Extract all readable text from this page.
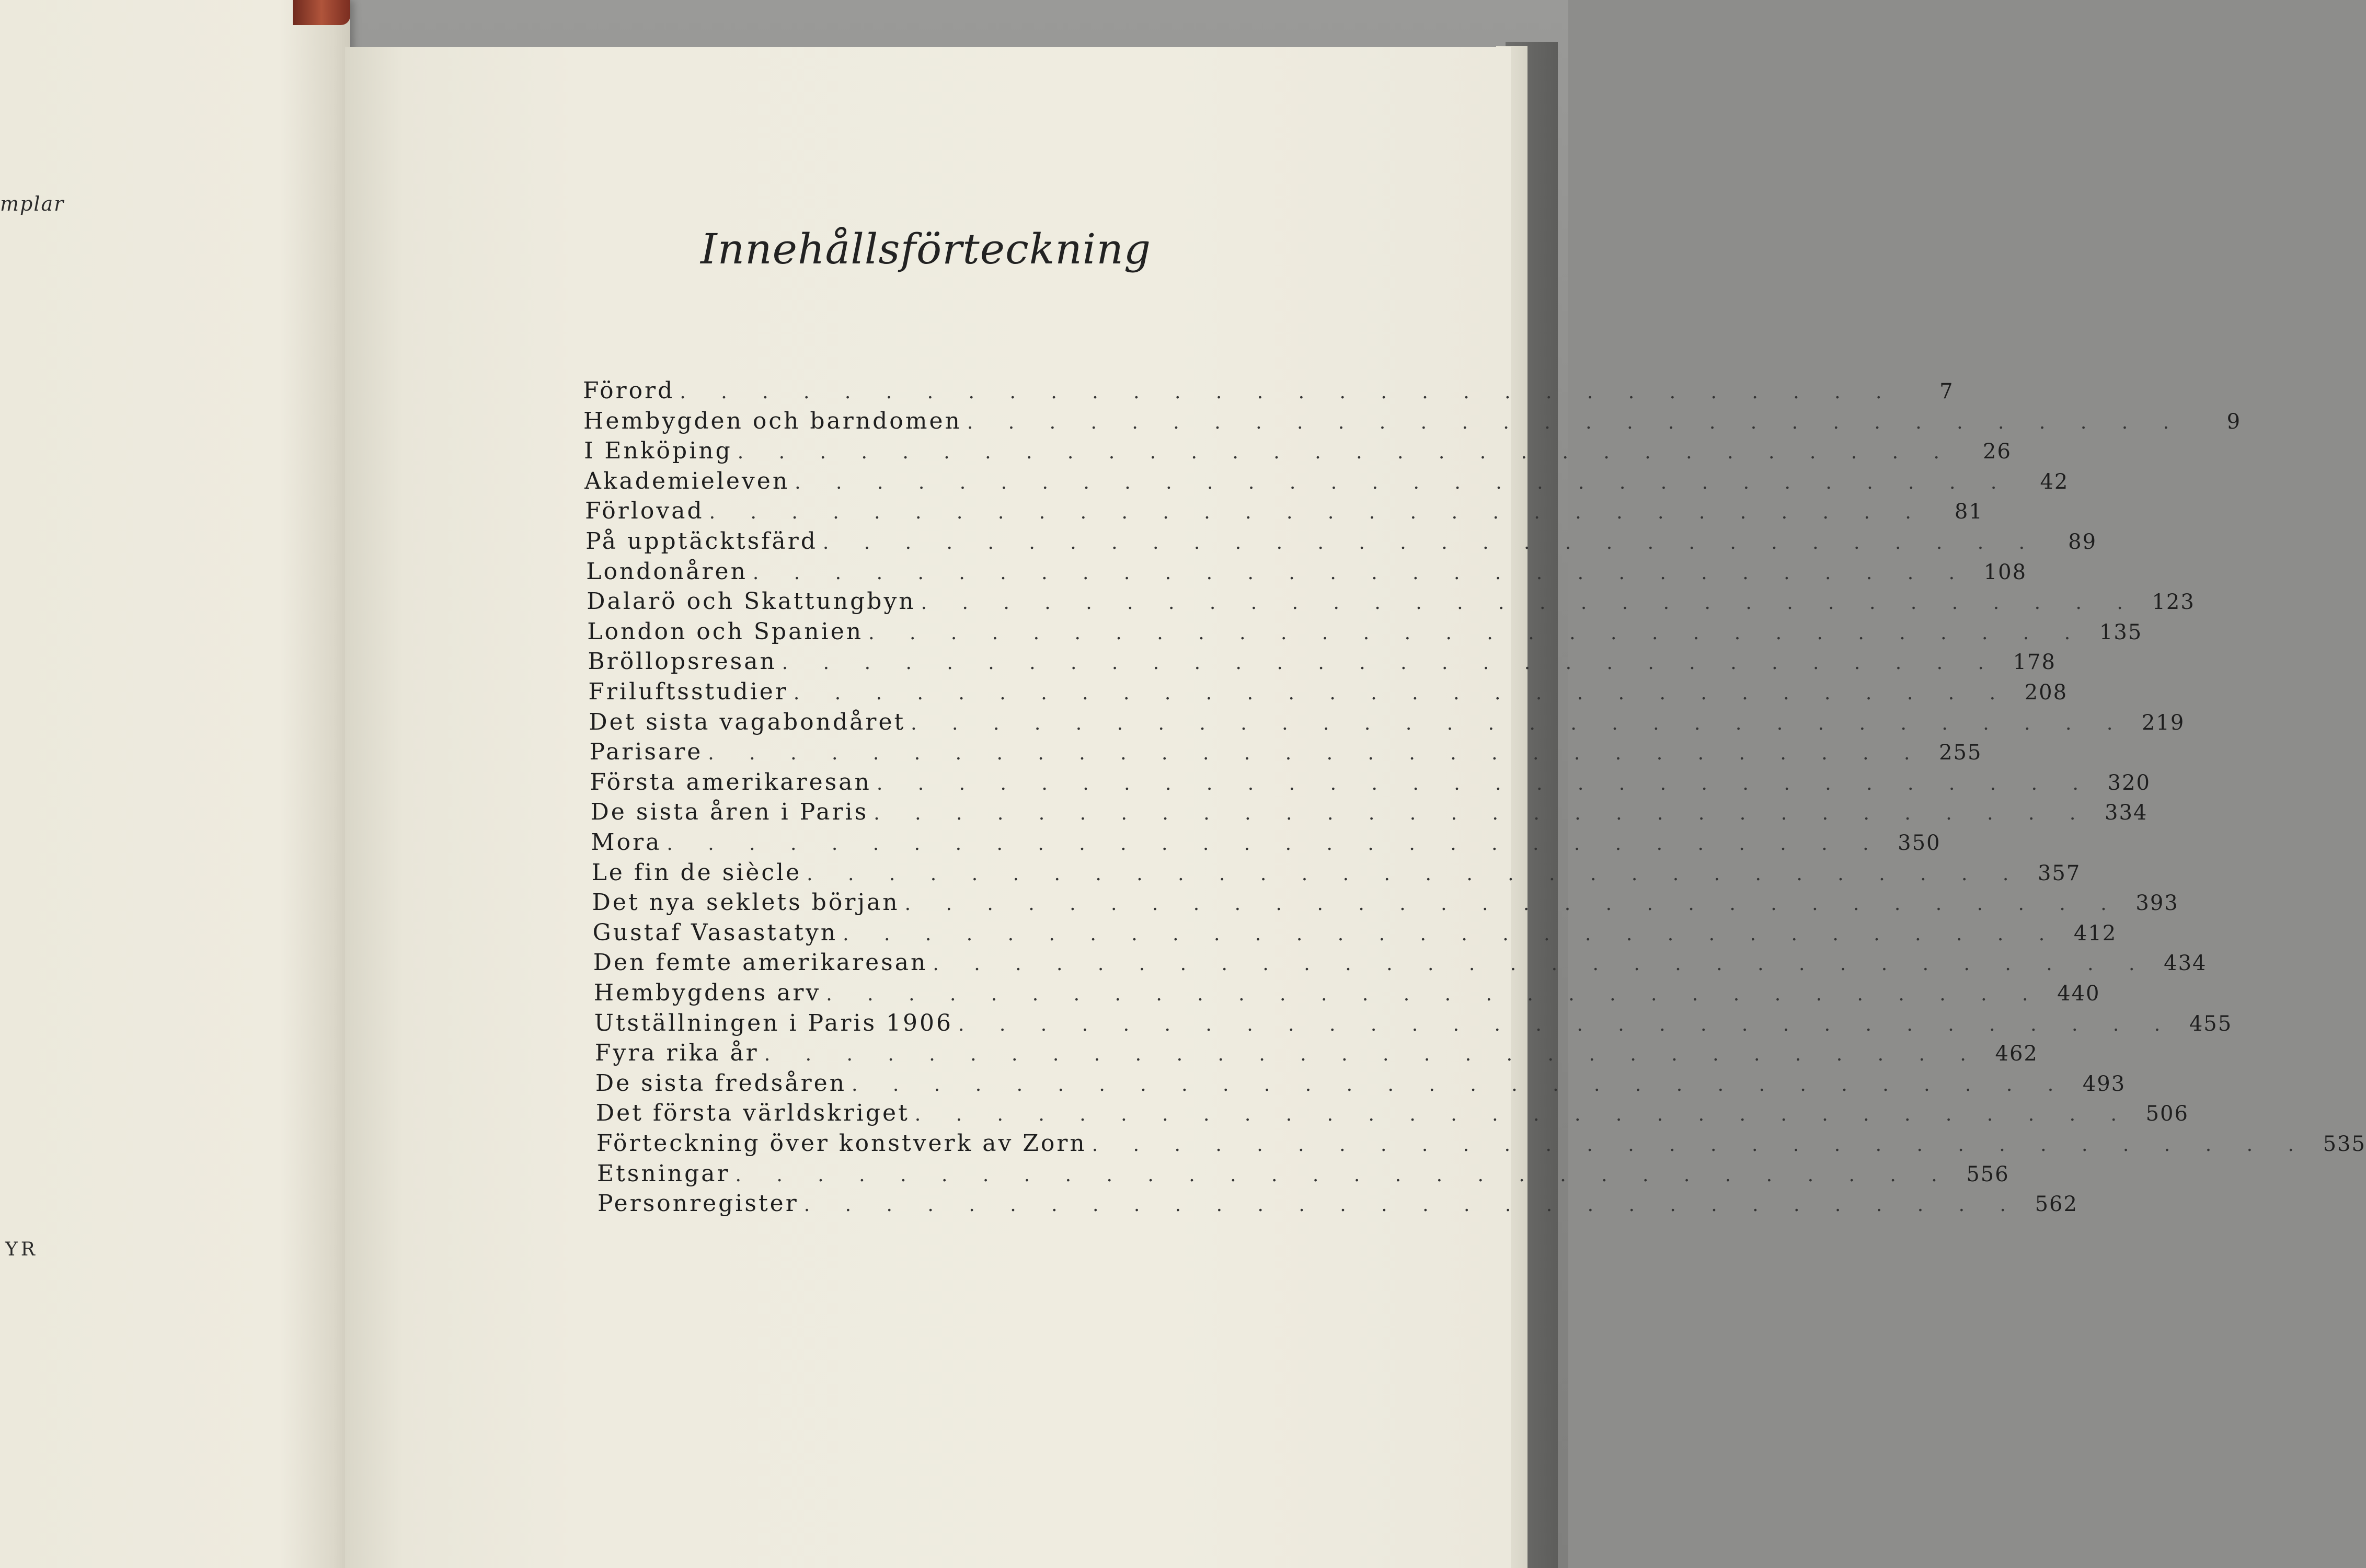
mplar
YR
Innehållsförteckning
Förord . . . . . . . . . . . . . . . . . . . . . . . . . . . . . .	7
Hembygden och barndomen . . . . . . . . . . . . . . . . . . . . . . . . . . . . . .	9
I Enköping . . . . . . . . . . . . . . . . . . . . . . . . . . . . . .	26
Akademieleven . . . . . . . . . . . . . . . . . . . . . . . . . . . . . .	42
Förlovad . . . . . . . . . . . . . . . . . . . . . . . . . . . . . .	81
På upptäcktsfärd . . . . . . . . . . . . . . . . . . . . . . . . . . . . . .	89
Londonåren . . . . . . . . . . . . . . . . . . . . . . . . . . . . . . 108
Dalarö och Skattungbyn . . . . . . . . . . . . . . . . . . . . . . . . . . . . . . 123
London och Spanien . . . . . . . . . . . . . . . . . . . . . . . . . . . . . . 135
Bröllopsresan . . . . . . . . . . . . . . . . . . . . . . . . . . . . . . 178
Friluftsstudier . . . . . . . . . . . . . . . . . . . . . . . . . . . . . . 208
Det sista vagabondåret . . . . . . . . . . . . . . . . . . . . . . . . . . . . . . 219
Parisare . . . . . . . . . . . . . . . . . . . . . . . . . . . . . . 255
Första amerikaresan . . . . . . . . . . . . . . . . . . . . . . . . . . . . . . 320
De sista åren i Paris . . . . . . . . . . . . . . . . . . . . . . . . . . . . . . 334
Mora . . . . . . . . . . . . . . . . . . . . . . . . . . . . . . 350
Le fin de siècle . . . . . . . . . . . . . . . . . . . . . . . . . . . . . . 357
Det nya seklets början . . . . . . . . . . . . . . . . . . . . . . . . . . . . . . 393
Gustaf Vasastatyn . . . . . . . . . . . . . . . . . . . . . . . . . . . . . . 412
Den femte amerikaresan . . . . . . . . . . . . . . . . . . . . . . . . . . . . . . 434
Hembygdens arv . . . . . . . . . . . . . . . . . . . . . . . . . . . . . . 440
Utställningen i Paris 1906 . . . . . . . . . . . . . . . . . . . . . . . . . . . . . . 455
Fyra rika år . . . . . . . . . . . . . . . . . . . . . . . . . . . . . . 462
De sista fredsåren . . . . . . . . . . . . . . . . . . . . . . . . . . . . . . 493
Det första världskriget . . . . . . . . . . . . . . . . . . . . . . . . . . . . . . 506
Förteckning över konstverk av Zorn . . . . . . . . . . . . . . . . . . . . . . . . . . . . . . 535
Etsningar . . . . . . . . . . . . . . . . . . . . . . . . . . . . . . 556
Personregister . . . . . . . . . . . . . . . . . . . . . . . . . . . . . . 562
